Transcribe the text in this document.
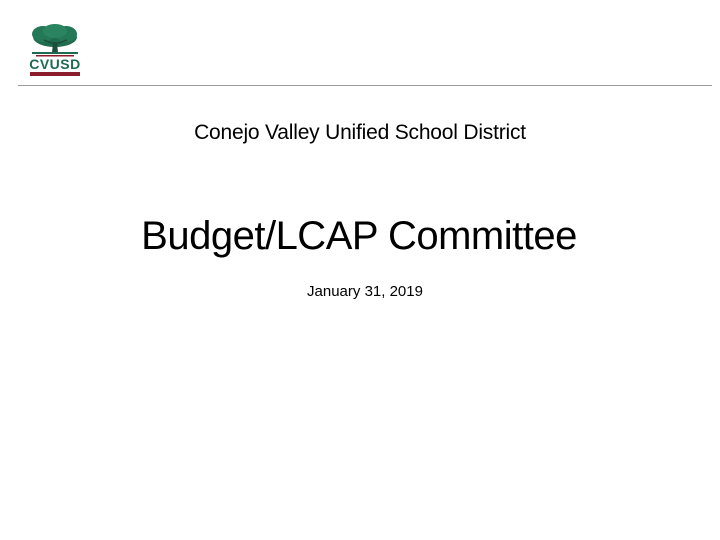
CVUSD
Conejo Valley Unified School District
Budget/LCAP Committee
January 31, 2019
